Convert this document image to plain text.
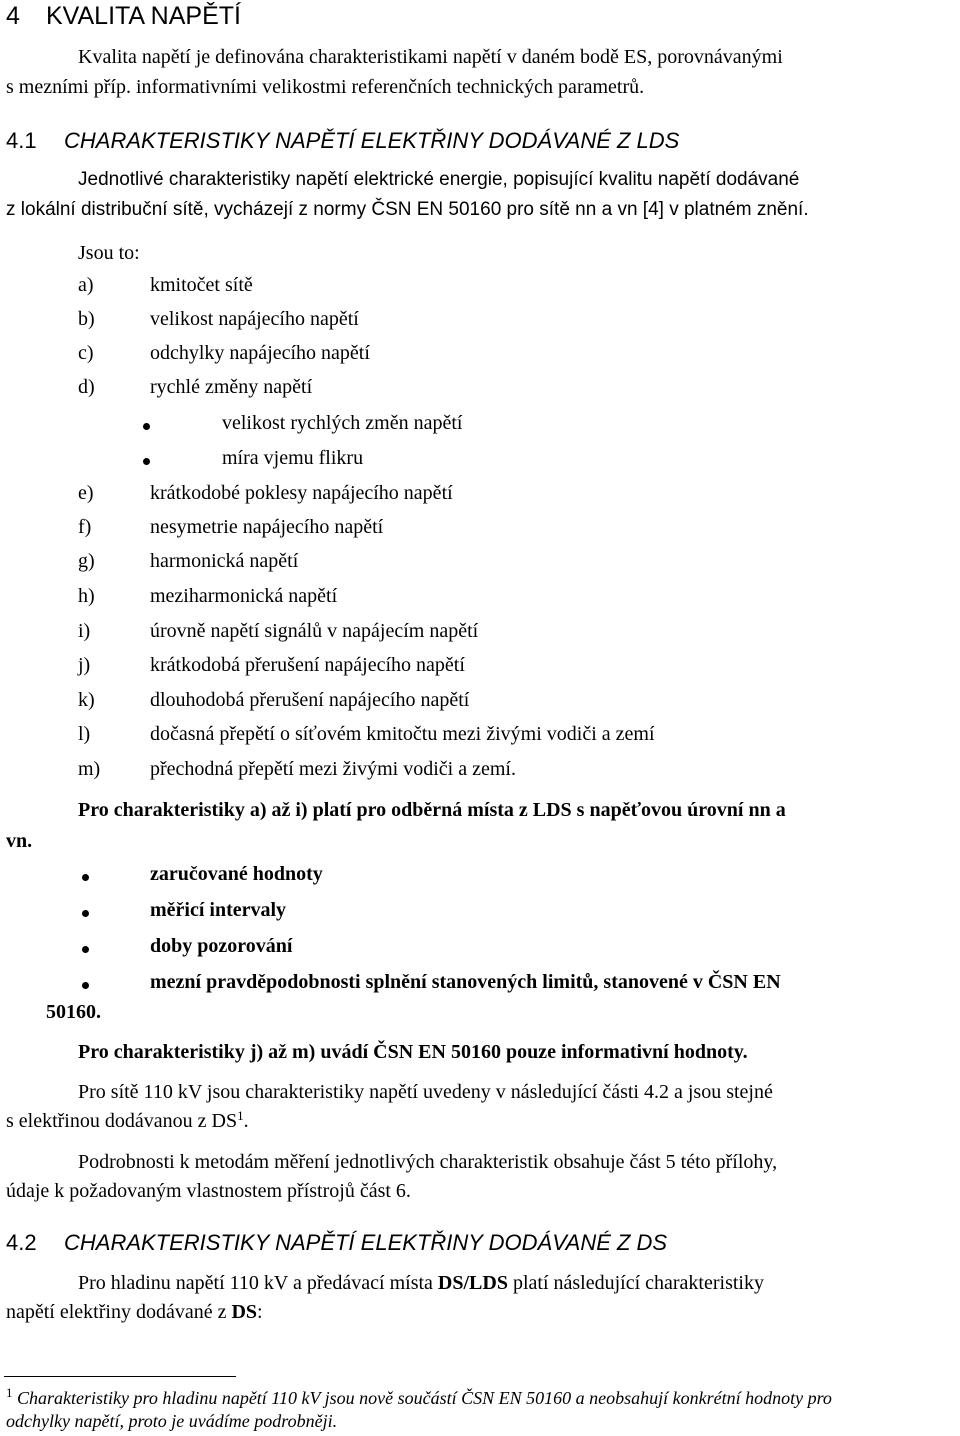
4 KVALITA NAPĚTÍ
Kvalita napětí je definována charakteristikami napětí v daném bodě ES, porovnávanými
s mezními příp. informativními velikostmi referenčních technických parametrů.
4.1 CHARAKTERISTIKY NAPĚTÍ ELEKTŘINY DODÁVANÉ Z LDS
Jednotlivé charakteristiky napětí elektrické energie, popisující kvalitu napětí dodávané
z lokální distribuční sítě, vycházejí z normy ČSN EN 50160 pro sítě nn a vn [4] v platném znění.
Jsou to:
a)	kmitočet sítě
b)	velikost napájecího napětí
c)	odchylky napájecího napětí
d)	rychlé změny napětí
velikost rychlých změn napětí
míra vjemu flikru
e)	krátkodobé poklesy napájecího napětí
f)	nesymetrie napájecího napětí
g)	harmonická napětí
h)	meziharmonická napětí
i)	úrovně napětí signálů v napájecím napětí
j)	krátkodobá přerušení napájecího napětí
k)	dlouhodobá přerušení napájecího napětí
l)	dočasná přepětí o síťovém kmitočtu mezi živými vodiči a zemí
m) přechodná přepětí mezi živými vodiči a zemí.
Pro charakteristiky a) až i) platí pro odběrná místa z LDS s napěťovou úrovní nn a
vn.
zaručované hodnoty
měřicí intervaly
doby pozorování
mezní pravděpodobnosti splnění stanovených limitů, stanovené v ČSN EN
50160.
Pro charakteristiky j) až m) uvádí ČSN EN 50160 pouze informativní hodnoty.
Pro sítě 110 kV jsou charakteristiky napětí uvedeny v následující části 4.2 a jsou stejné
s elektřinou dodávanou z $DS^1$.
Podrobnosti k metodám měření jednotlivých charakteristik obsahuje část 5 této přílohy,
údaje k požadovaným vlastnostem přístrojů část 6.
4.2 CHARAKTERISTIKY NAPĚTÍ ELEKTŘINY DODÁVANÉ Z DS
Pro hladinu napětí 110 kV a předávací místa DS/LDS platí následující charakteristiky
napětí elektřiny dodávané z DS:
$^1$ Charakteristiky pro hladinu napětí 110 kV jsou nově součástí ČSN EN 50160 a neobsahují konkrétní hodnoty pro
odchylky napětí, proto je uvádíme podrobněji.
